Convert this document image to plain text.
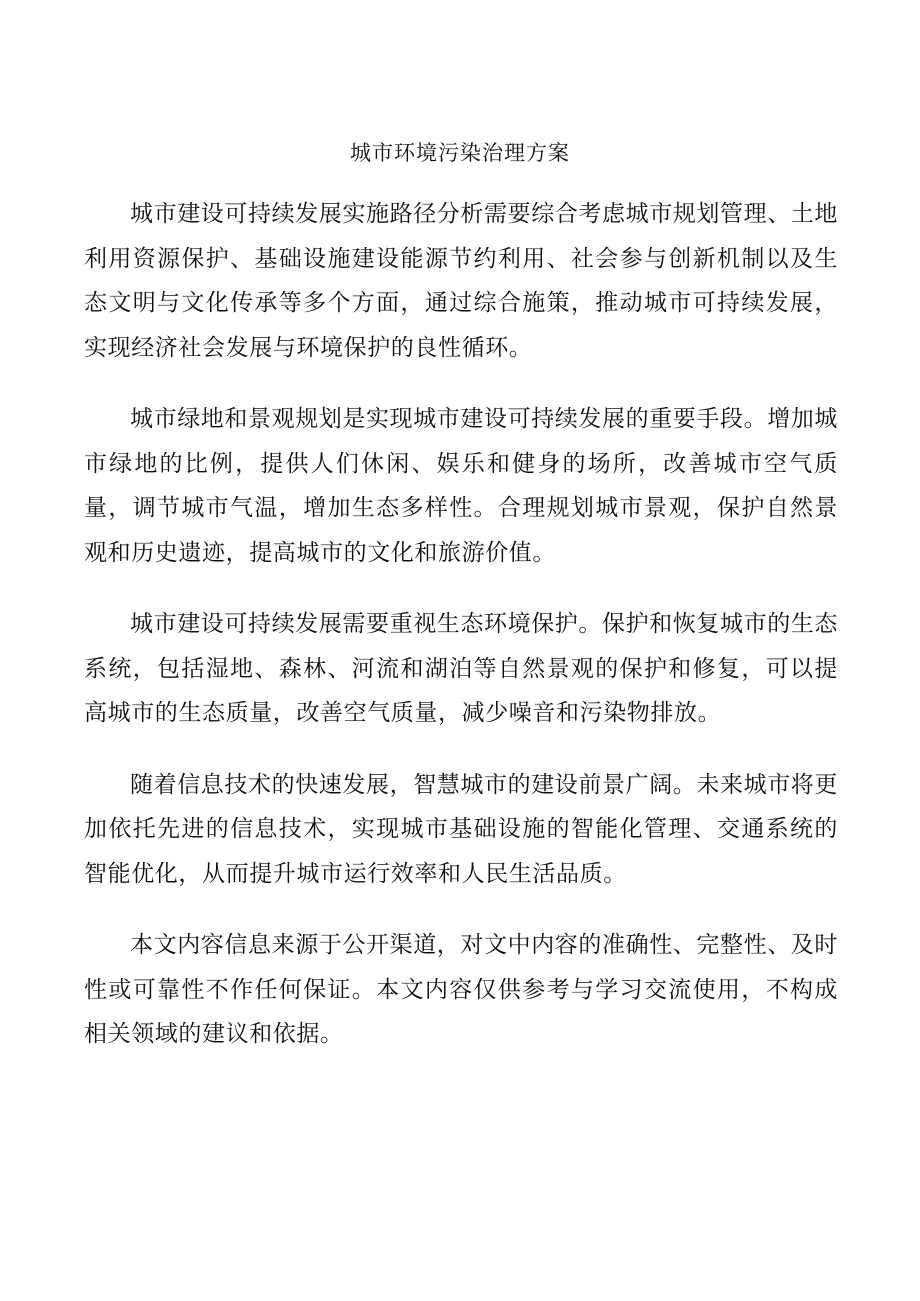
城市环境污染治理方案

城市建设可持续发展实施路径分析需要综合考虑城市规划管理、土地利用资源保护、基础设施建设能源节约利用、社会参与创新机制以及生态文明与文化传承等多个方面，通过综合施策，推动城市可持续发展，实现经济社会发展与环境保护的良性循环。

城市绿地和景观规划是实现城市建设可持续发展的重要手段。增加城市绿地的比例，提供人们休闲、娱乐和健身的场所，改善城市空气质量，调节城市气温，增加生态多样性。合理规划城市景观，保护自然景观和历史遗迹，提高城市的文化和旅游价值。

城市建设可持续发展需要重视生态环境保护。保护和恢复城市的生态系统，包括湿地、森林、河流和湖泊等自然景观的保护和修复，可以提高城市的生态质量，改善空气质量，减少噪音和污染物排放。

随着信息技术的快速发展，智慧城市的建设前景广阔。未来城市将更加依托先进的信息技术，实现城市基础设施的智能化管理、交通系统的智能优化，从而提升城市运行效率和人民生活品质。

本文内容信息来源于公开渠道，对文中内容的准确性、完整性、及时性或可靠性不作任何保证。本文内容仅供参考与学习交流使用，不构成相关领域的建议和依据。
